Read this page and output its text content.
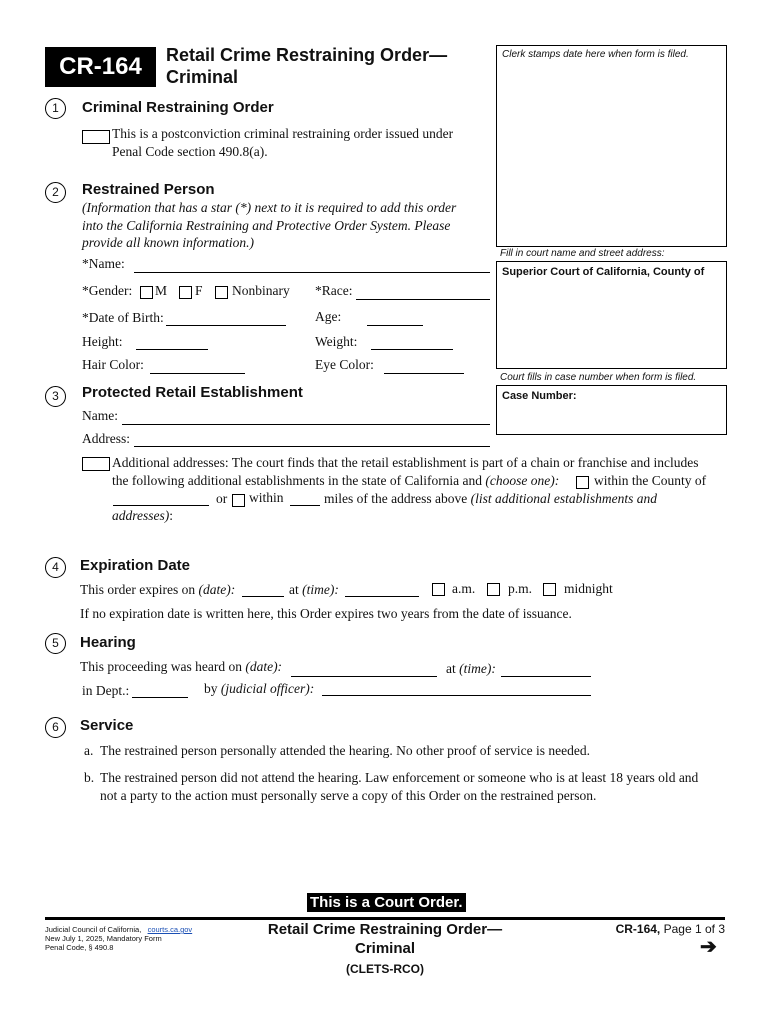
CR-164	Retail Crime Restraining Order—
Criminal
Clerk stamps date here when form is filed.
Fill in court name and street address:
Superior Court of California, County of
Court fills in case number when form is filed.
Case Number:
1	Criminal Restraining Order
This is a postconviction criminal restraining order issued under
Penal Code section 490.8(a).
2	Restrained Person
(Information that has a star (*) next to it is required to add this order
into the California Restraining and Protective Order System. Please
provide all known information.)
*Name:
*Gender: M F Nonbinary *Race:
*Date of Birth:	Age:
Height:	Weight:
Hair Color:	Eye Color:
3	Protected Retail Establishment
Name:
Address:
Additional addresses: The court finds that the retail establishment is part of a chain or franchise and includes
the following additional establishments in the state of California and (choose one):	within the County of
or within	miles of the address above (list additional establishments and
addresses):
4	Expiration Date
This order expires on (date):	at (time):	a.m. p.m. midnight
If no expiration date is written here, this Order expires two years from the date of issuance.
5	Hearing
This proceeding was heard on (date):	at (time):
in Dept.:	by (judicial officer):
6	Service
a. The restrained person personally attended the hearing. No other proof of service is needed.
b. The restrained person did not attend the hearing. Law enforcement or someone who is at least 18 years old and
not a party to the action must personally serve a copy of this Order on the restrained person.
This is a Court Order.
Judicial Council of California, courts.ca.gov
New July 1, 2025, Mandatory Form
Penal Code, § 490.8
Retail Crime Restraining Order—
Criminal
(CLETS-RCO)
CR-164, Page 1 of 3
➔
